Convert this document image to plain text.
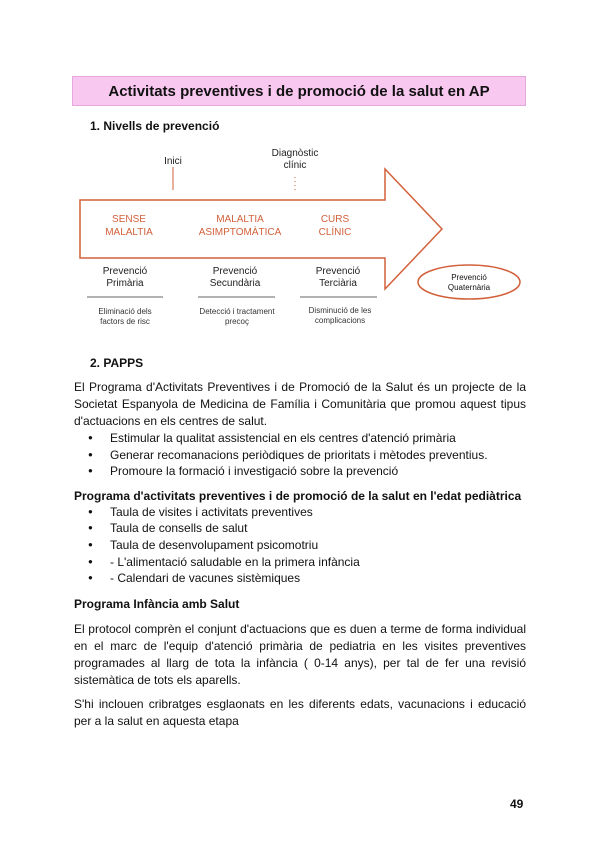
Activitats preventives i de promoció de la salut en AP
1. Nivells de prevenció
Inici
Diagnòstic clínic
SENSE MALALTIA
MALALTIA ASIMPTOMÀTICA
CURS CLÍNIC
Prevenció Primària
Prevenció Secundària
Prevenció Terciària
Eliminació dels factors de risc
Detecció i tractament precoç
Disminució de les complicacions
Prevenció Quaternària
2. PAPPS

El Programa d'Activitats Preventives i de Promoció de la Salut és un projecte de la Societat Espanyola de Medicina de Família i Comunitària que promou aquest tipus d'actuacions en els centres de salut.

● Estimular la qualitat assistencial en els centres d'atenció primària
● Generar recomanacions periòdiques de prioritats i mètodes preventius.
● Promoure la formació i investigació sobre la prevenció
Programa d'activitats preventives i de promoció de la salut en l'edat pediàtrica
● Taula de visites i activitats preventives
● Taula de consells de salut
● Taula de desenvolupament psicomotriu
● - L'alimentació saludable en la primera infància
● - Calendari de vacunes sistèmiques
Programa Infància amb Salut

El protocol comprèn el conjunt d'actuacions que es duen a terme de forma individual en el marc de l'equip d'atenció primària de pediatria en les visites preventives programades al llarg de tota la infància ( 0-14 anys), per tal de fer una revisió sistemàtica de tots els aparells.

S'hi inclouen cribratges esglaonats en les diferents edats, vacunacions i educació per a la salut en aquesta etapa

49
